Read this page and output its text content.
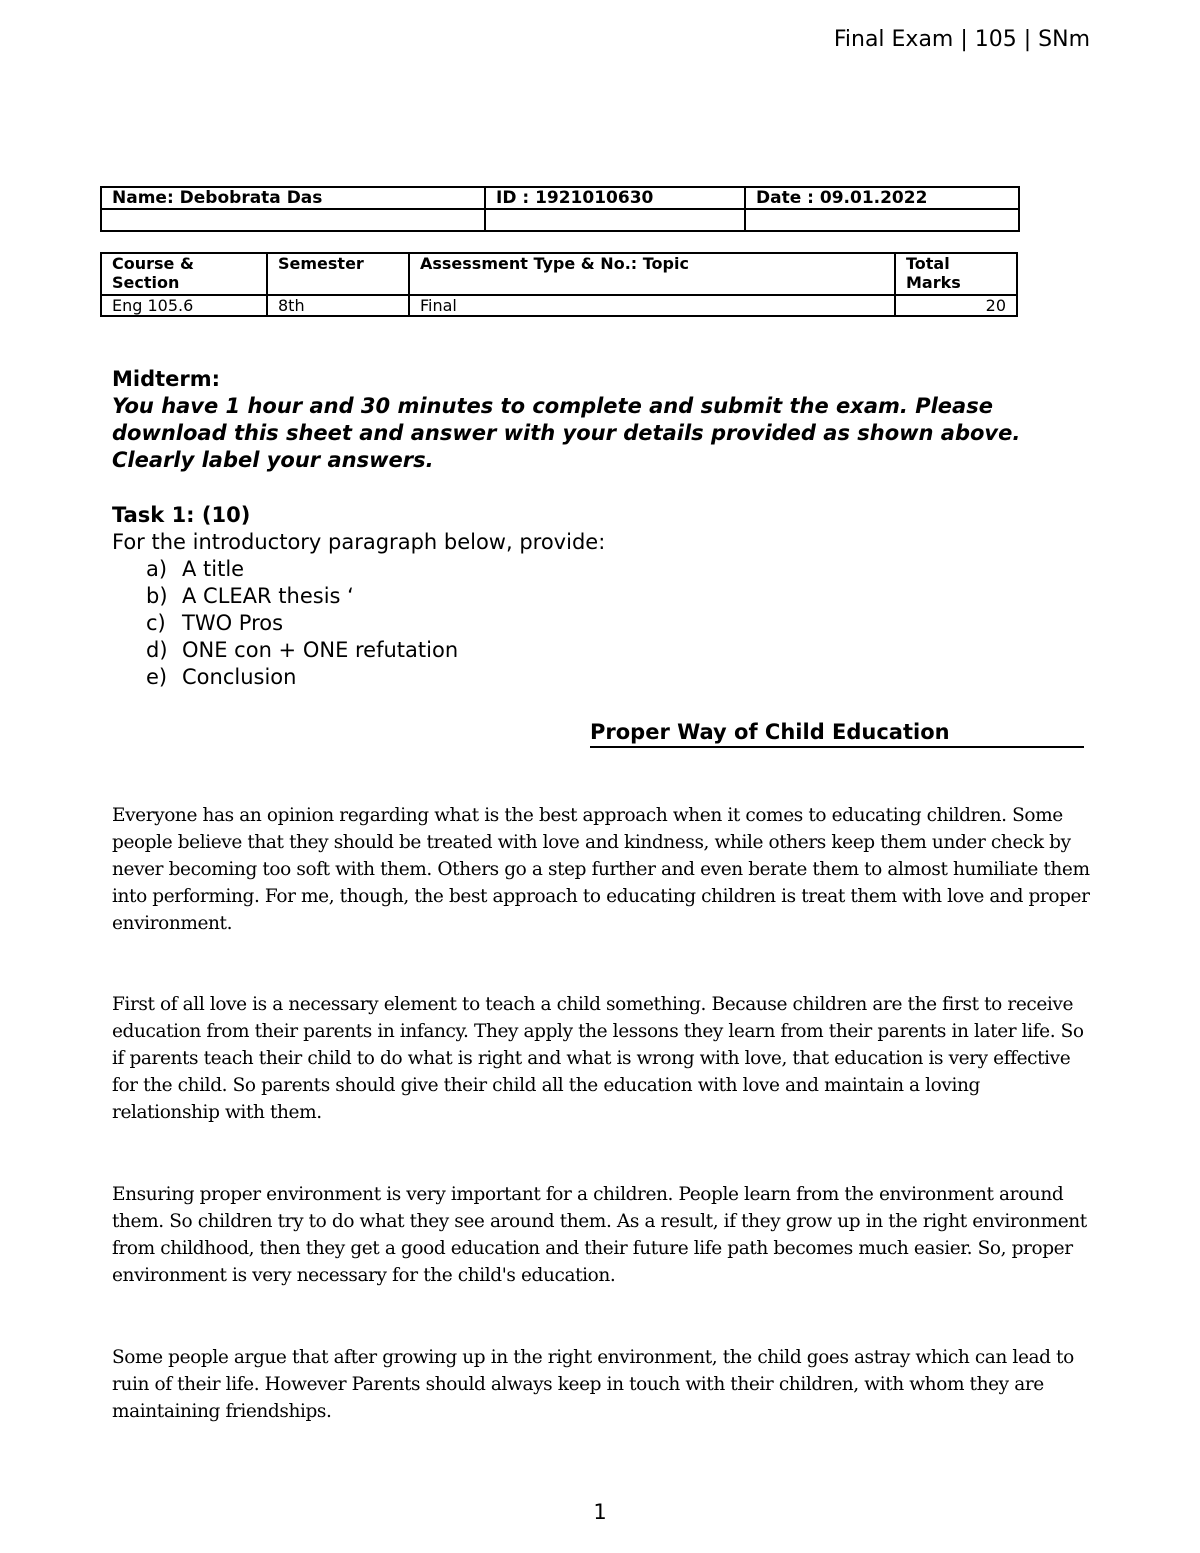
Final Exam | 105 | SNm
Name: Debobrata Das	ID : 1921010630	Date : 09.01.2022

Course & Section	Semester	Assessment Type & No.: Topic	Total Marks
Eng 105.6	8th	Final	20
Midterm:
You have 1 hour and 30 minutes to complete and submit the exam. Please download this sheet and answer with your details provided as shown above. Clearly label your answers.
Task 1: (10)
For the introductory paragraph below, provide:
a) A title
b) A CLEAR thesis ‘
c) TWO Pros
d) ONE con + ONE refutation
e) Conclusion
Proper Way of Child Education
Everyone has an opinion regarding what is the best approach when it comes to educating children. Some people believe that they should be treated with love and kindness, while others keep them under check by never becoming too soft with them. Others go a step further and even berate them to almost humiliate them into performing. For me, though, the best approach to educating children is treat them with love and proper environment.
First of all love is a necessary element to teach a child something. Because children are the first to receive education from their parents in infancy. They apply the lessons they learn from their parents in later life. So if parents teach their child to do what is right and what is wrong with love, that education is very effective for the child. So parents should give their child all the education with love and maintain a loving relationship with them.
Ensuring proper environment is very important for a children. People learn from the environment around them. So children try to do what they see around them. As a result, if they grow up in the right environment from childhood, then they get a good education and their future life path becomes much easier. So, proper environment is very necessary for the child's education.
Some people argue that after growing up in the right environment, the child goes astray which can lead to ruin of their life. However Parents should always keep in touch with their children, with whom they are maintaining friendships.
1
